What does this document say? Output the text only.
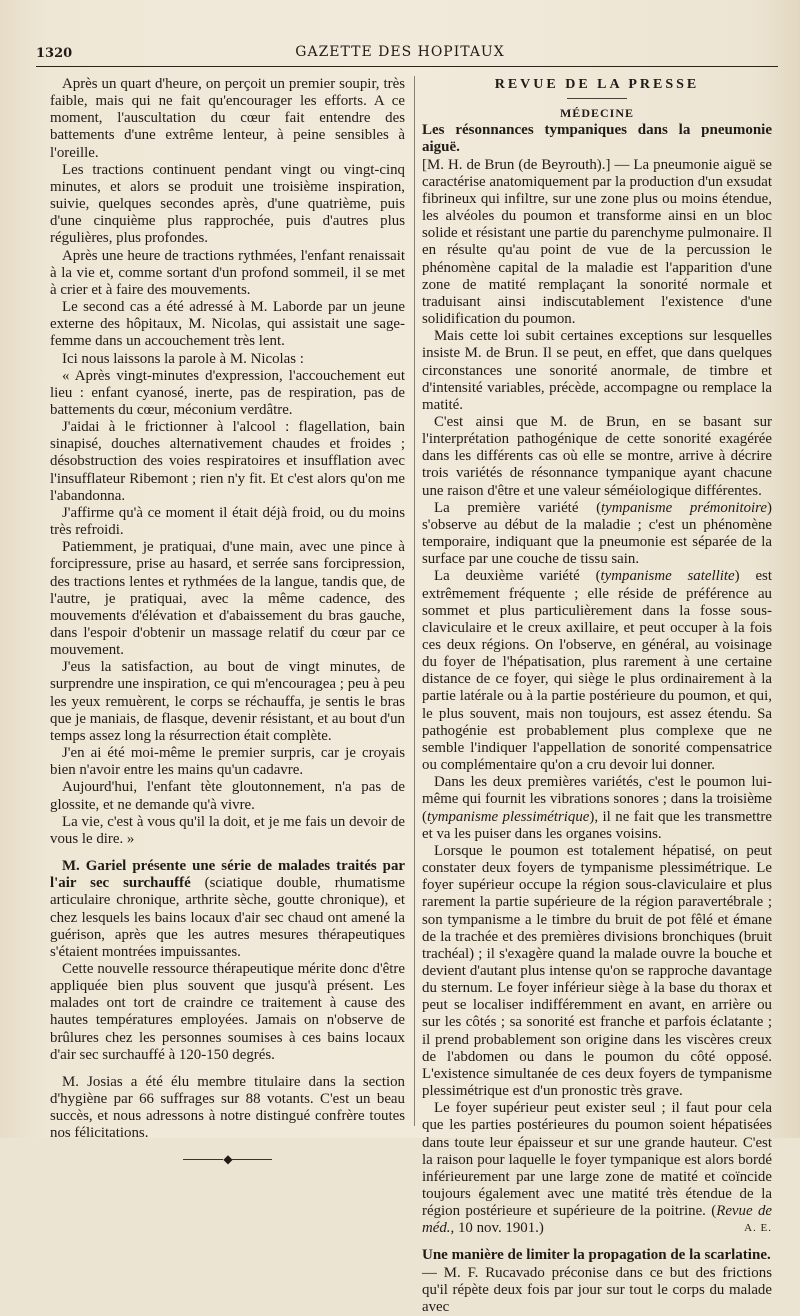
1320	GAZETTE DES HOPITAUX

Après un quart d'heure, on perçoit un premier soupir, très faible, mais qui ne fait qu'encourager les efforts. A ce moment, l'auscultation du cœur fait entendre des battements d'une extrême lenteur, à peine sensibles à l'oreille.

Les tractions continuent pendant vingt ou vingt-cinq minutes, et alors se produit une troisième inspiration, suivie, quelques secondes après, d'une quatrième, puis d'une cinquième plus rapprochée, puis d'autres plus régulières, plus profondes.

Après une heure de tractions rythmées, l'enfant renaissait à la vie et, comme sortant d'un profond sommeil, il se met à crier et à faire des mouvements.

Le second cas a été adressé à M. Laborde par un jeune externe des hôpitaux, M. Nicolas, qui assistait une sage-femme dans un accouchement très lent.

Ici nous laissons la parole à M. Nicolas :

« Après vingt-minutes d'expression, l'accouchement eut lieu : enfant cyanosé, inerte, pas de respiration, pas de battements du cœur, méconium verdâtre.

J'aidai à le frictionner à l'alcool : flagellation, bain sinapisé, douches alternativement chaudes et froides ; désobstruction des voies respiratoires et insufflation avec l'insufflateur Ribemont ; rien n'y fit. Et c'est alors qu'on me l'abandonna.

J'affirme qu'à ce moment il était déjà froid, ou du moins très refroidi.

Patiemment, je pratiquai, d'une main, avec une pince à forcipressure, prise au hasard, et serrée sans forcipression, des tractions lentes et rythmées de la langue, tandis que, de l'autre, je pratiquai, avec la même cadence, des mouvements d'élévation et d'abaissement du bras gauche, dans l'espoir d'obtenir un massage relatif du cœur par ce mouvement.

J'eus la satisfaction, au bout de vingt minutes, de surprendre une inspiration, ce qui m'encouragea ; peu à peu les yeux remuèrent, le corps se réchauffa, je sentis le bras que je maniais, de flasque, devenir résistant, et au bout d'un temps assez long la résurrection était complète.

J'en ai été moi-même le premier surpris, car je croyais bien n'avoir entre les mains qu'un cadavre.

Aujourd'hui, l'enfant tète gloutonnement, n'a pas de glossite, et ne demande qu'à vivre.

La vie, c'est à vous qu'il la doit, et je me fais un devoir de vous le dire. »

M. Gariel présente une série de malades traités par l'air sec surchauffé (sciatique double, rhumatisme articulaire chronique, arthrite sèche, goutte chronique), et chez lesquels les bains locaux d'air sec chaud ont amené la guérison, après que les autres mesures thérapeutiques s'étaient montrées impuissantes.

Cette nouvelle ressource thérapeutique mérite donc d'être appliquée bien plus souvent que jusqu'à présent. Les malades ont tort de craindre ce traitement à cause des hautes températures employées. Jamais on n'observe de brûlures chez les personnes soumises à ces bains locaux d'air sec surchauffé à 120-150 degrés.

M. Josias a été élu membre titulaire dans la section d'hygiène par 66 suffrages sur 88 votants. C'est un beau succès, et nous adressons à notre distingué confrère toutes nos félicitations.

◆

REVUE DE LA PRESSE

MÉDECINE

Les résonnances tympaniques dans la pneumonie aiguë.

[M. H. de Brun (de Beyrouth).] — La pneumonie aiguë se caractérise anatomiquement par la production d'un exsudat fibrineux qui infiltre, sur une zone plus ou moins étendue, les alvéoles du poumon et transforme ainsi en un bloc solide et résistant une partie du parenchyme pulmonaire. Il en résulte qu'au point de vue de la percussion le phénomène capital de la maladie est l'apparition d'une zone de matité remplaçant la sonorité normale et traduisant ainsi indiscutablement l'existence d'une solidification du poumon.

Mais cette loi subit certaines exceptions sur lesquelles insiste M. de Brun. Il se peut, en effet, que dans quelques circonstances une sonorité anormale, de timbre et d'intensité variables, précède, accompagne ou remplace la matité.

C'est ainsi que M. de Brun, en se basant sur l'interprétation pathogénique de cette sonorité exagérée dans les différents cas où elle se montre, arrive à décrire trois variétés de résonnance tympanique ayant chacune une raison d'être et une valeur séméiologique différentes.

La première variété (tympanisme prémonitoire) s'observe au début de la maladie ; c'est un phénomène temporaire, indiquant que la pneumonie est séparée de la surface par une couche de tissu sain.

La deuxième variété (tympanisme satellite) est extrêmement fréquente ; elle réside de préférence au sommet et plus particulièrement dans la fosse sous-claviculaire et le creux axillaire, et peut occuper à la fois ces deux régions. On l'observe, en général, au voisinage du foyer de l'hépatisation, plus rarement à une certaine distance de ce foyer, qui siège le plus ordinairement à la partie latérale ou à la partie postérieure du poumon, et qui, le plus souvent, mais non toujours, est assez étendu. Sa pathogénie est probablement plus complexe que ne semble l'indiquer l'appellation de sonorité compensatrice ou complémentaire qu'on a cru devoir lui donner.

Dans les deux premières variétés, c'est le poumon lui-même qui fournit les vibrations sonores ; dans la troisième (tympanisme plessimétrique), il ne fait que les transmettre et va les puiser dans les organes voisins.

Lorsque le poumon est totalement hépatisé, on peut constater deux foyers de tympanisme plessimétrique. Le foyer supérieur occupe la région sous-claviculaire et plus rarement la partie supérieure de la région paravertébrale ; son tympanisme a le timbre du bruit de pot fêlé et émane de la trachée et des premières divisions bronchiques (bruit trachéal) ; il s'exagère quand la malade ouvre la bouche et devient d'autant plus intense qu'on se rapproche davantage du sternum. Le foyer inférieur siège à la base du thorax et peut se localiser indifféremment en avant, en arrière ou sur les côtés ; sa sonorité est franche et parfois éclatante ; il prend probablement son origine dans les viscères creux de l'abdomen ou dans le poumon du côté opposé. L'existence simultanée de ces deux foyers de tympanisme plessimétrique est d'un pronostic très grave.

Le foyer supérieur peut exister seul ; il faut pour cela que les parties postérieures du poumon soient hépatisées dans toute leur épaisseur et sur une grande hauteur. C'est la raison pour laquelle le foyer tympanique est alors bordé inférieurement par une large zone de matité et coïncide toujours également avec une matité très étendue de la région postérieure et supérieure de la poitrine. (Revue de méd., 10 nov. 1901.)	A. E.

Une manière de limiter la propagation de la scarlatine.

— M. F. Rucavado préconise dans ce but des frictions qu'il répète deux fois par jour sur tout le corps du malade avec
